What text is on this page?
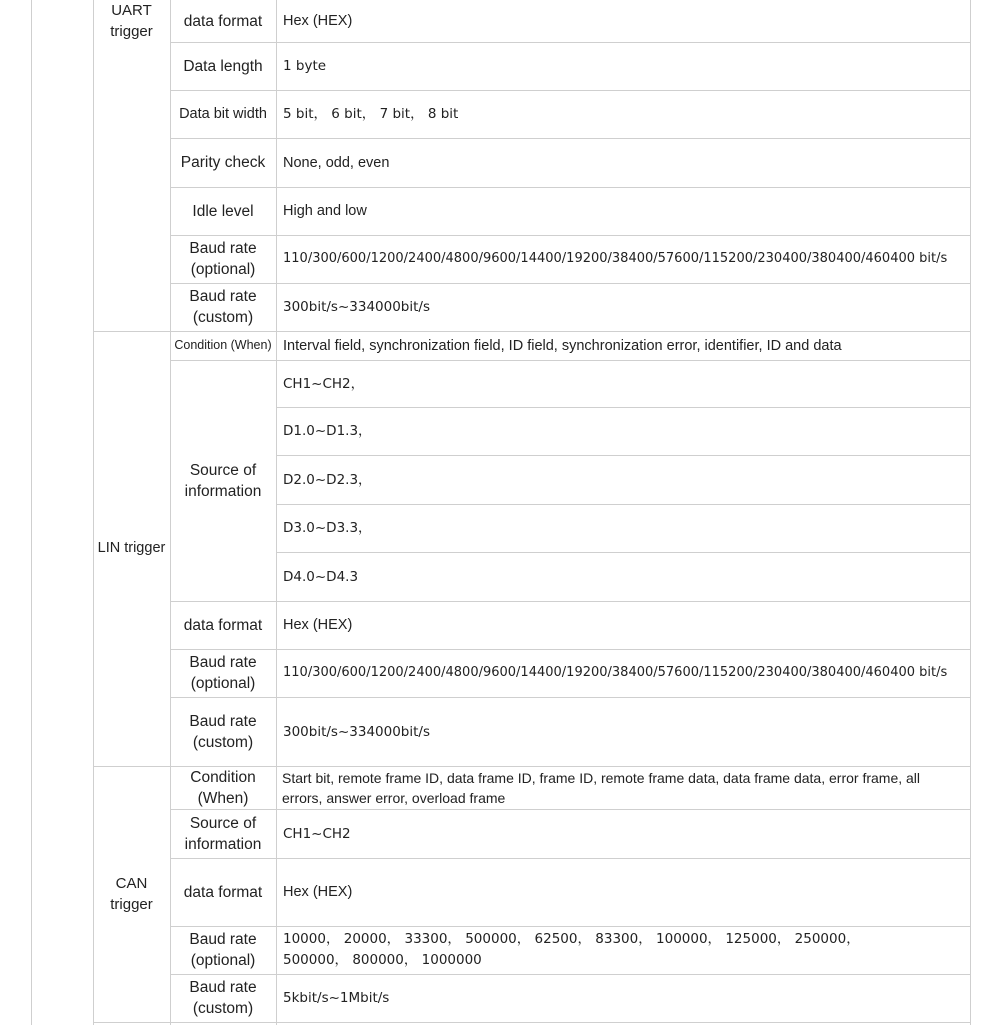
UART trigger
data format Hex (HEX)
Data length 1 byte
Data bit width 5 bit， 6 bit， 7 bit， 8 bit
Parity check None, odd, even
Idle level High and low
Baud rate (optional)
110/300/600/1200/2400/4800/9600/14400/19200/38400/57600/115200/230400/380400/460400 bit/s
Baud rate (custom)
300bit/s~334000bit/s
LIN trigger
Condition (When) Interval field, synchronization field, ID field, synchronization error, identifier, ID and data
Source of information
CH1~CH2，
D1.0~D1.3，
D2.0~D2.3，
D3.0~D3.3，
D4.0~D4.3
data format Hex (HEX)
Baud rate (optional)
110/300/600/1200/2400/4800/9600/14400/19200/38400/57600/115200/230400/380400/460400 bit/s
Baud rate (custom)
300bit/s~334000bit/s
CAN trigger
Condition (When)
Start bit, remote frame ID, data frame ID, frame ID, remote frame data, data frame data, error frame, all errors, answer error, overload frame
Source of information
CH1~CH2
data format Hex (HEX)
Baud rate (optional)
10000， 20000， 33300， 500000， 62500， 83300， 100000， 125000， 250000， 500000， 800000， 1000000
Baud rate (custom)
5kbit/s~1Mbit/s
